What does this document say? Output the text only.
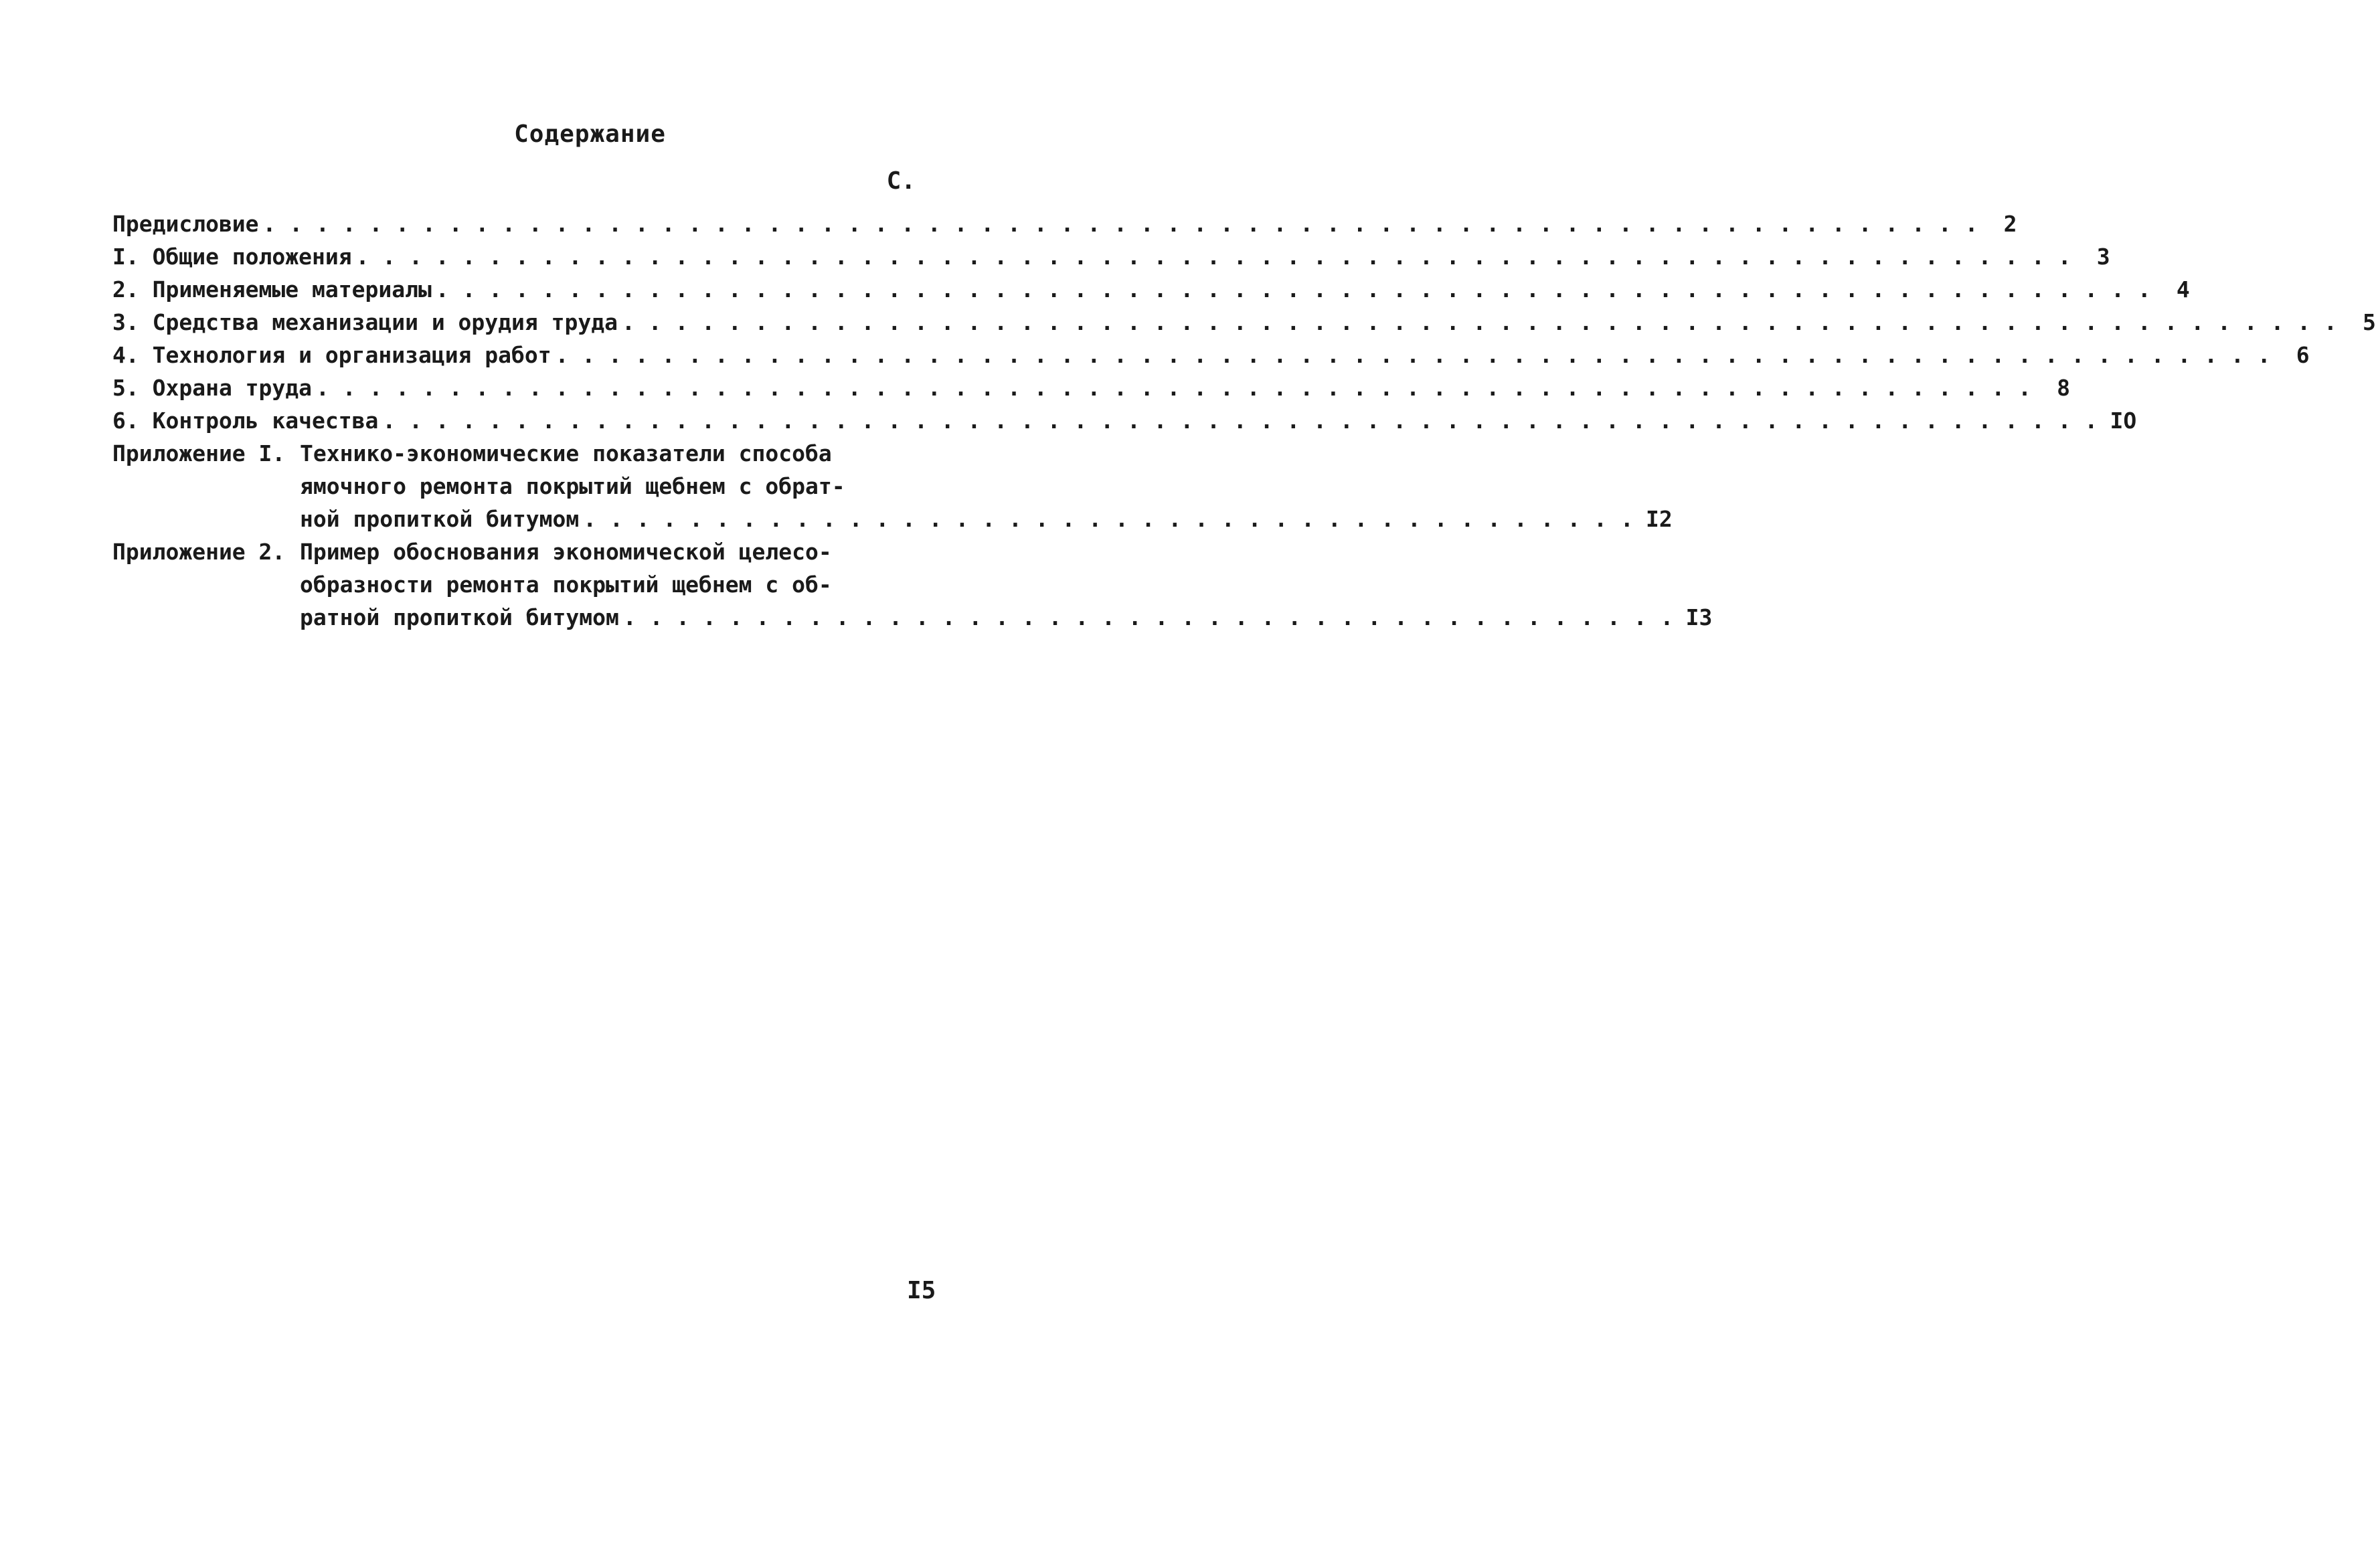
Содержание
С.
Предисловие . . .	2
I. Общие положения . . .	3
2. Применяемые материалы . . .	4
3. Средства механизации и орудия труда . . .	5
4. Технология и организация работ . . .	6
5. Охрана труда . . .	8
6. Контроль качества . . .	IO
Приложение I. Технико-экономические показатели способа
ямочного ремонта покрытий щебнем с обрат-
ной пропиткой битумом . . .	I2
Приложение 2. Пример обоснования экономической целесо-
образности ремонта покрытий щебнем с об-
ратной пропиткой битумом . . .	I3
I5
